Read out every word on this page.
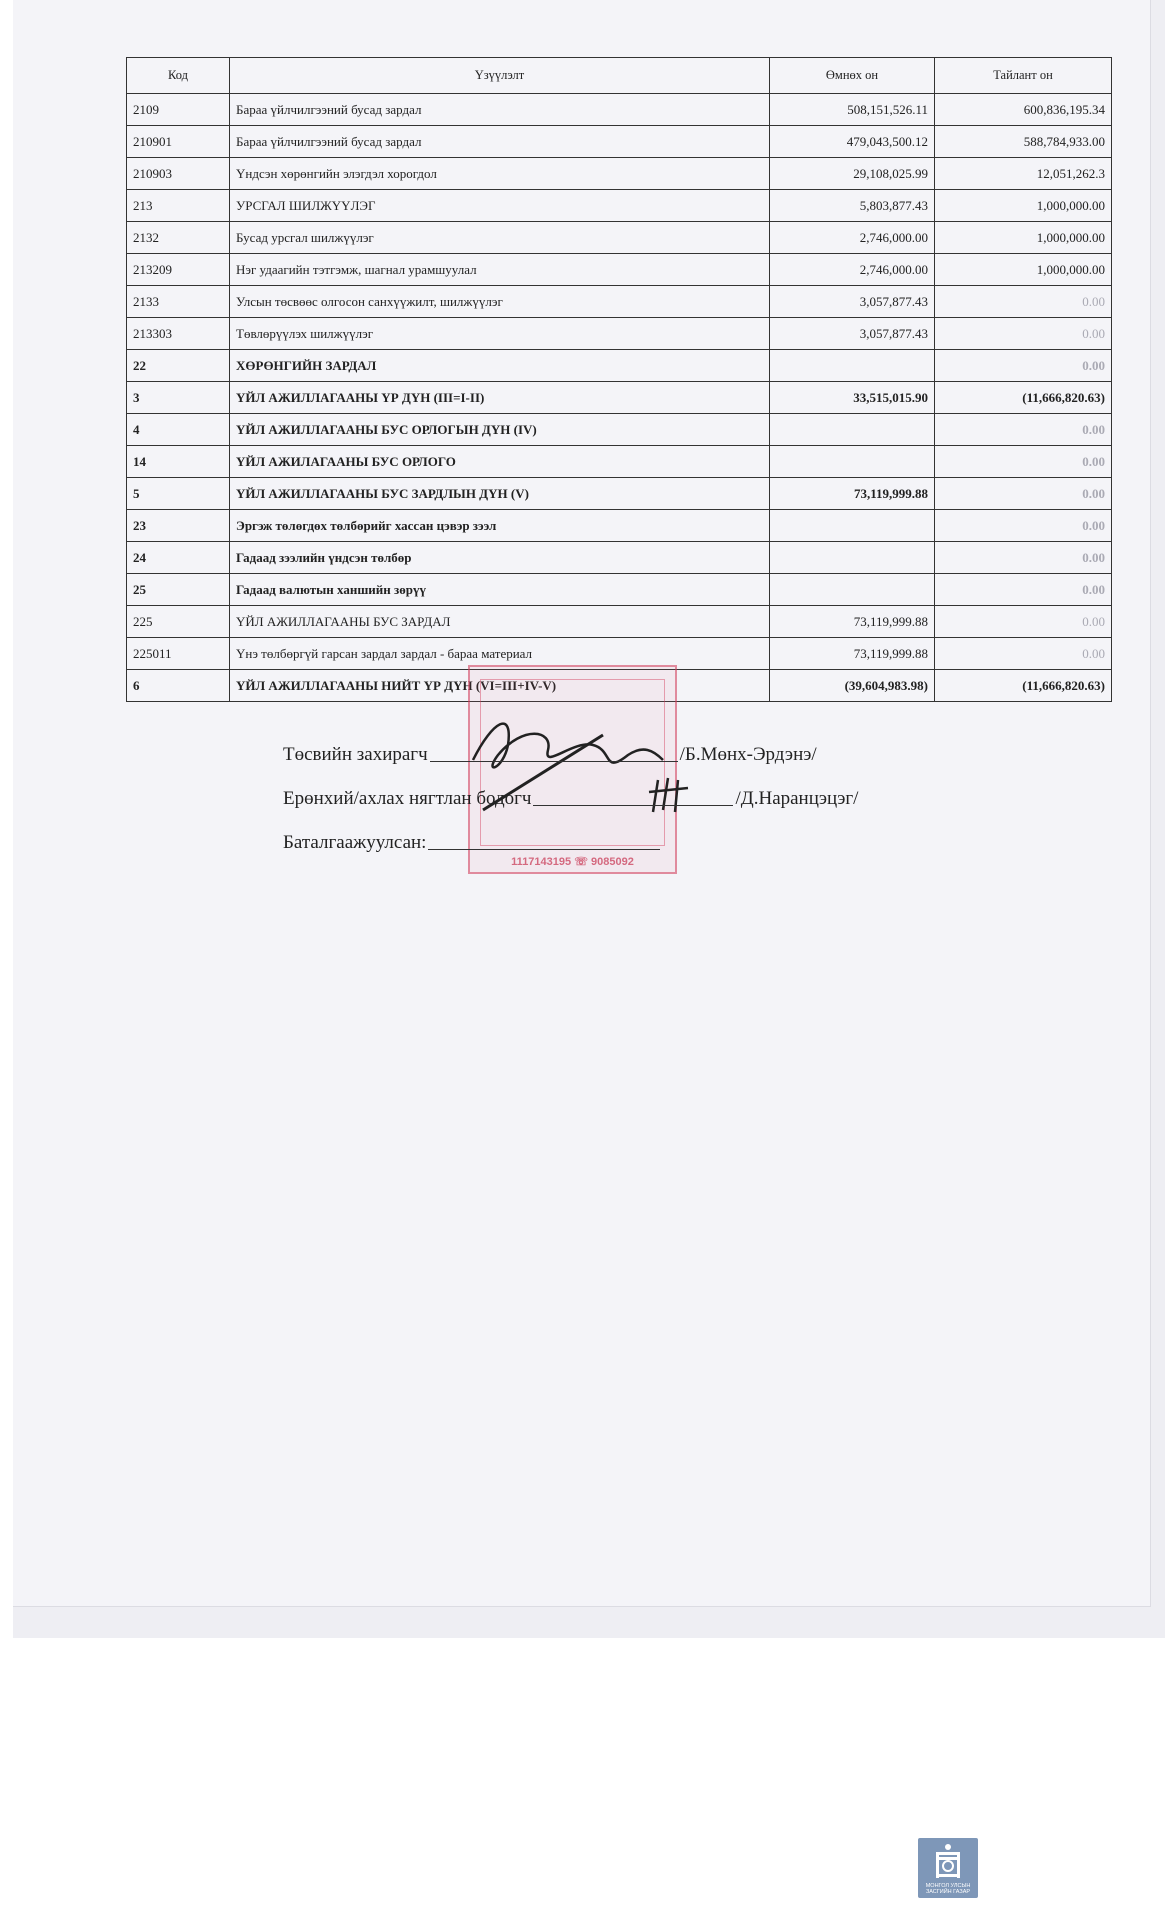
Код	Үзүүлэлт	Өмнөх он	Тайлант он
2109	Бараа үйлчилгээний бусад зардал	508,151,526.11	600,836,195.34
210901	Бараа үйлчилгээний бусад зардал	479,043,500.12	588,784,933.00
210903	Үндсэн хөрөнгийн элэгдэл хорогдол	29,108,025.99	12,051,262.3
213	УРСГАЛ ШИЛЖҮҮЛЭГ	5,803,877.43	1,000,000.00
2132	Бусад урсгал шилжүүлэг	2,746,000.00	1,000,000.00
213209	Нэг удаагийн тэтгэмж, шагнал урамшуулал	2,746,000.00	1,000,000.00
2133	Улсын төсвөөс олгосон санхүүжилт, шилжүүлэг	3,057,877.43	0.00
213303	Төвлөрүүлэх шилжүүлэг	3,057,877.43	0.00
22	ХӨРӨНГИЙН ЗАРДАЛ		0.00
3	ҮЙЛ АЖИЛЛАГААНЫ ҮР ДҮН (III=I-II)	33,515,015.90	(11,666,820.63)
4	ҮЙЛ АЖИЛЛАГААНЫ БУС ОРЛОГЫН ДҮН (IV)		0.00
14	ҮЙЛ АЖИЛАГААНЫ БУС ОРЛОГО		0.00
5	ҮЙЛ АЖИЛЛАГААНЫ БУС ЗАРДЛЫН ДҮН (V)	73,119,999.88	0.00
23	Эргэж төлөгдөх төлбөрийг хассан цэвэр зээл		0.00
24	Гадаад зээлийн үндсэн төлбөр		0.00
25	Гадаад валютын ханшийн зөрүү		0.00
225	ҮЙЛ АЖИЛЛАГААНЫ БУС ЗАРДАЛ	73,119,999.88	0.00
225011	Үнэ төлбөргүй гарсан зардал зардал - бараа материал	73,119,999.88	0.00
6	ҮЙЛ АЖИЛЛАГААНЫ НИЙТ ҮР ДҮН (VI=III+IV-V)	(39,604,983.98)	(11,666,820.63)
1117143195 ☏ 9085092
Төсвийн захирагч	/Б.Мөнх-Эрдэнэ/
Ерөнхий/ахлах нягтлан бодогч	/Д.Наранцэцэг/
Баталгаажуулсан:
МОНГОЛ УЛСЫН ЗАСГИЙН ГАЗАР
